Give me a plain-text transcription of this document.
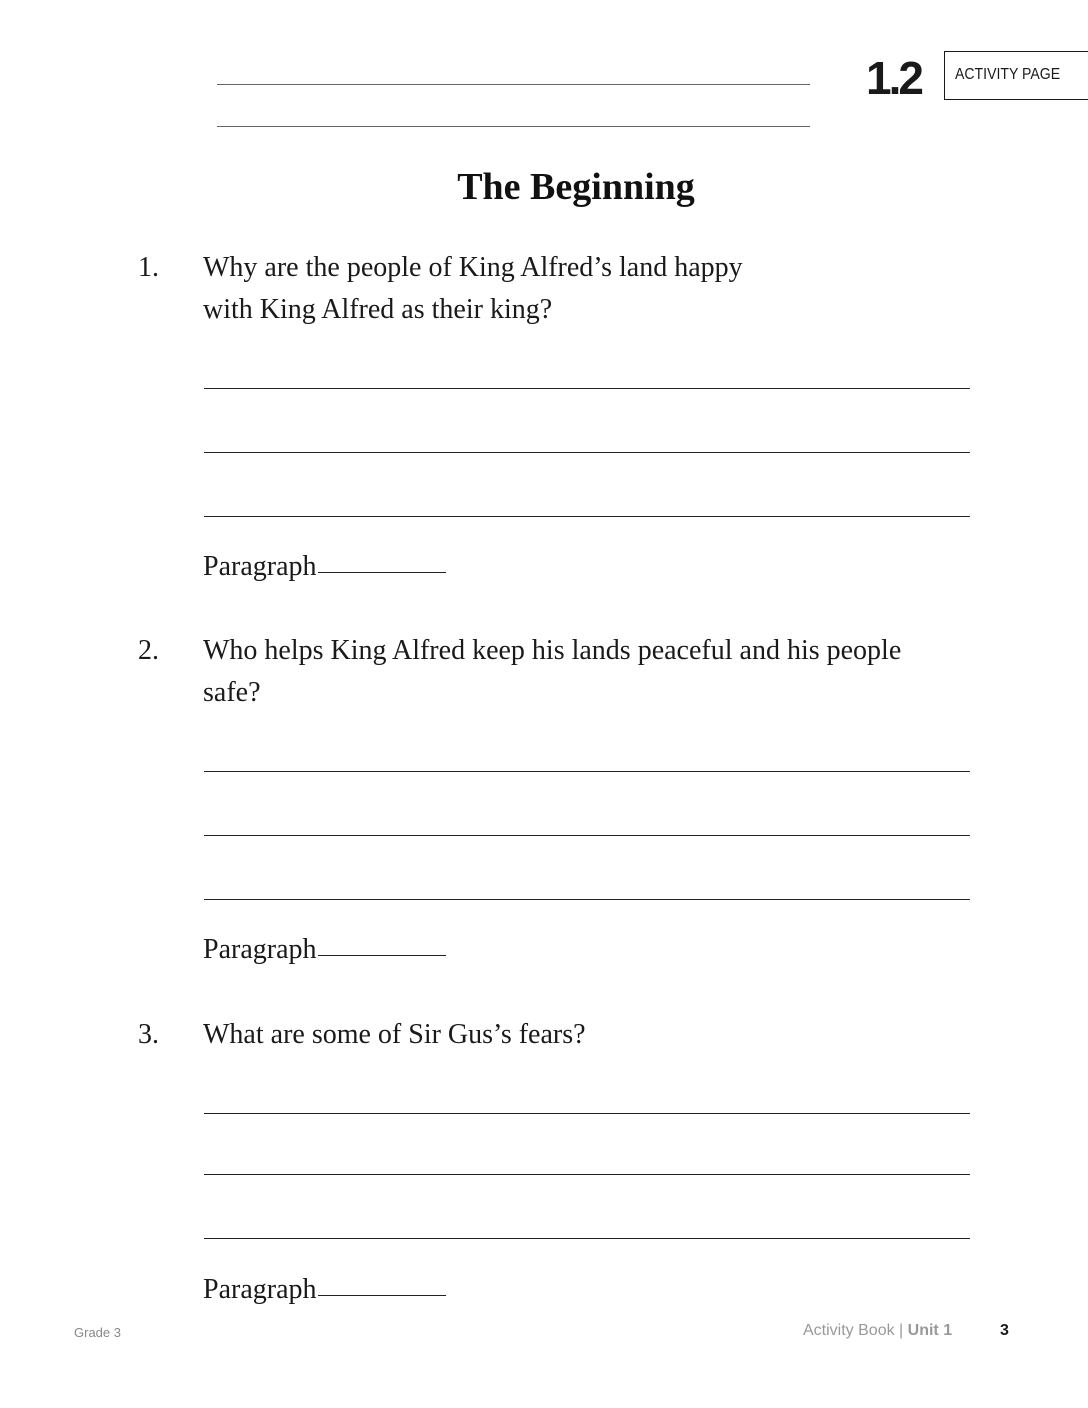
1.2 ACTIVITY PAGE
The Beginning
1. Why are the people of King Alfred’s land happy
with King Alfred as their king?
Paragraph
2. Who helps King Alfred keep his lands peaceful and his people
safe?
Paragraph
3. What are some of Sir Gus’s fears?
Paragraph
Grade 3	Activity Book | Unit 1	3
